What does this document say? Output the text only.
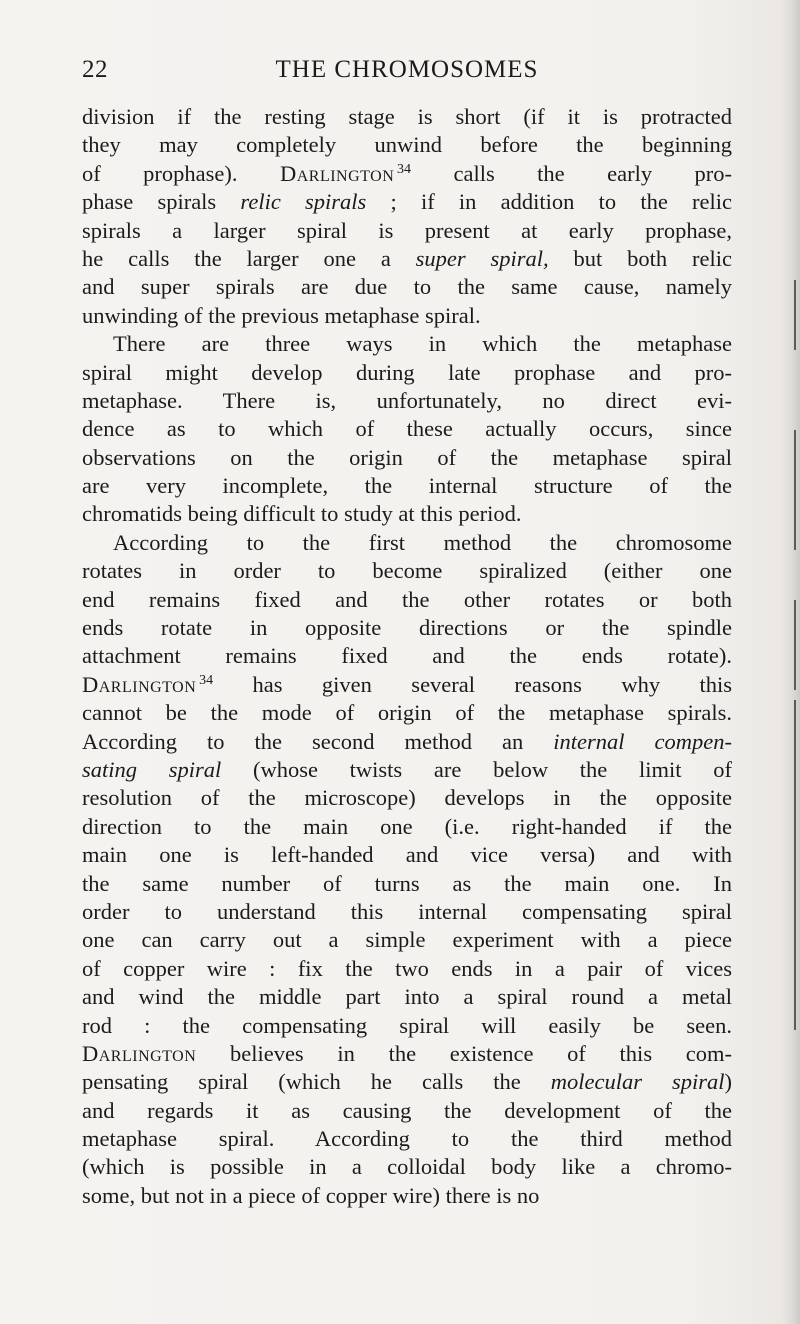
22	THE CHROMOSOMES
division if the resting stage is short (if it is protracted
they may completely unwind before the beginning
of prophase). Darlington $^{34}$ calls the early pro-
phase spirals relic spirals ; if in addition to the relic
spirals a larger spiral is present at early prophase,
he calls the larger one a super spiral, but both relic
and super spirals are due to the same cause, namely
unwinding of the previous metaphase spiral.
There are three ways in which the metaphase
spiral might develop during late prophase and pro-
metaphase. There is, unfortunately, no direct evi-
dence as to which of these actually occurs, since
observations on the origin of the metaphase spiral
are very incomplete, the internal structure of the
chromatids being difficult to study at this period.
According to the first method the chromosome
rotates in order to become spiralized (either one
end remains fixed and the other rotates or both
ends rotate in opposite directions or the spindle
attachment remains fixed and the ends rotate).
Darlington $^{34}$ has given several reasons why this
cannot be the mode of origin of the metaphase spirals.
According to the second method an internal compen-
sating spiral (whose twists are below the limit of
resolution of the microscope) develops in the opposite
direction to the main one (i.e. right-handed if the
main one is left-handed and vice versa) and with
the same number of turns as the main one. In
order to understand this internal compensating spiral
one can carry out a simple experiment with a piece
of copper wire : fix the two ends in a pair of vices
and wind the middle part into a spiral round a metal
rod : the compensating spiral will easily be seen.
Darlington believes in the existence of this com-
pensating spiral (which he calls the molecular spiral)
and regards it as causing the development of the
metaphase spiral. According to the third method
(which is possible in a colloidal body like a chromo-
some, but not in a piece of copper wire) there is no
